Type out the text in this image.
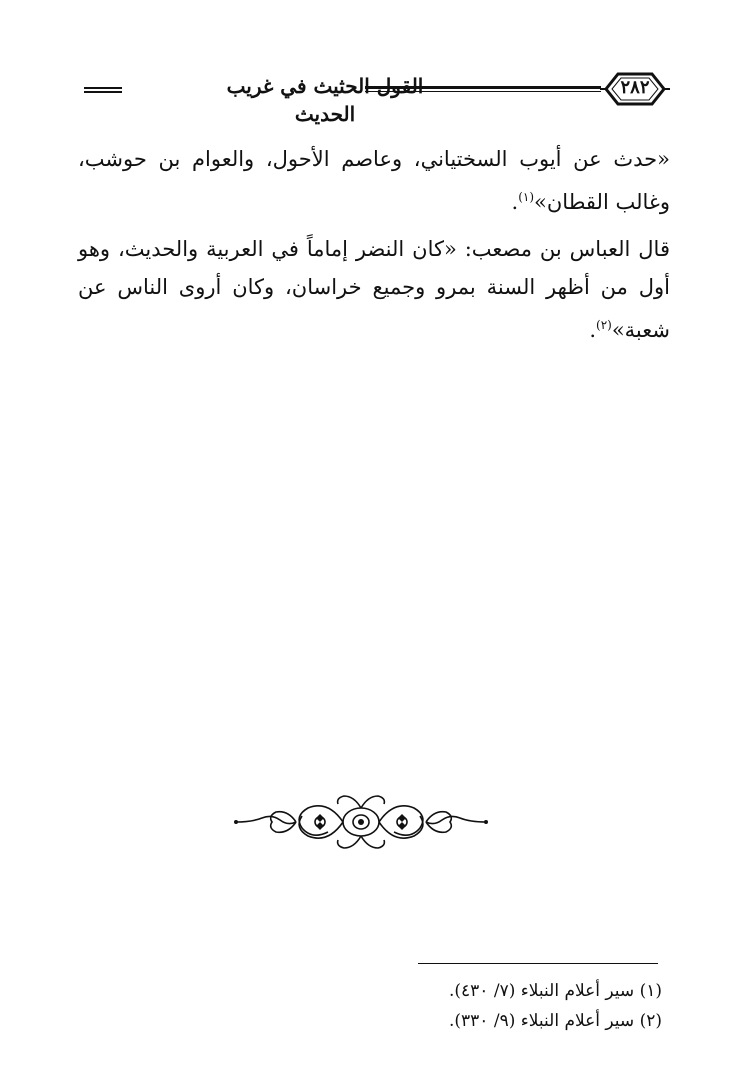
القول الحثيث في غريب الحديث
٢٨٢
«حدث عن أيوب السختياني، وعاصم الأحول، والعوام بن حوشب، وغالب القطان»$^{(١)}$.
قال العباس بن مصعب: «كان النضر إماماً في العربية والحديث، وهو أول من أظهر السنة بمرو وجميع خراسان، وكان أروى الناس عن شعبة»$^{(٢)}$.
(١) سير أعلام النبلاء (٧/ ٤٣٠).
(٢) سير أعلام النبلاء (٩/ ٣٣٠).
